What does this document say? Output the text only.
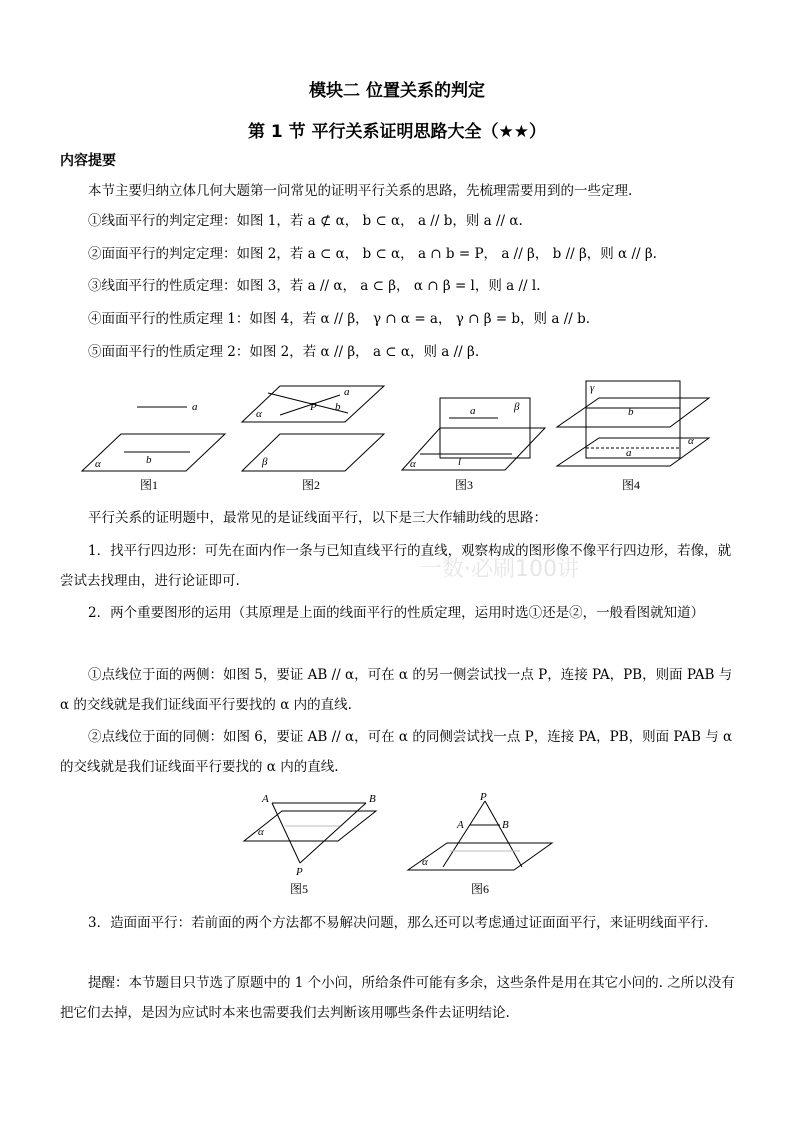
模块二 位置关系的判定
第 1 节 平行关系证明思路大全（★★）
内容提要
本节主要归纳立体几何大题第一问常见的证明平行关系的思路，先梳理需要用到的一些定理.
①线面平行的判定定理：如图 1，若 a ⊄ α， b ⊂ α， a // b，则 a // α.
②面面平行的判定定理：如图 2，若 a ⊂ α， b ⊂ α， a ∩ b = P， a // β， b // β，则 α // β.
③线面平行的性质定理：如图 3，若 a // α， a ⊂ β， α ∩ β = l，则 a // l.
④面面平行的性质定理 1：如图 4，若 α // β， γ ∩ α = a， γ ∩ β = b，则 a // b.
⑤面面平行的性质定理 2：如图 2，若 α // β， a ⊂ α，则 a // β.
a
b
α
a
b
P
α
β
a	β
l
α
γ
b
a
α
图1	图2	图3	图4
平行关系的证明题中，最常见的是证线面平行，以下是三大作辅助线的思路：
一数·必刷100讲
1．找平行四边形：可先在面内作一条与已知直线平行的直线，观察构成的图形像不像平行四边形，若像，就尝试去找理由，进行论证即可.
2．两个重要图形的运用（其原理是上面的线面平行的性质定理，运用时选①还是②，一般看图就知道）
①点线位于面的两侧：如图 5，要证 AB // α，可在 α 的另一侧尝试找一点 P，连接 PA，PB，则面 PAB 与 α 的交线就是我们证线面平行要找的 α 内的直线.
②点线位于面的同侧：如图 6，要证 AB // α，可在 α 的同侧尝试找一点 P，连接 PA，PB，则面 PAB 与 α 的交线就是我们证线面平行要找的 α 内的直线.
A	B
P
α
P
A	B
α
图5	图6
3．造面面平行：若前面的两个方法都不易解决问题，那么还可以考虑通过证面面平行，来证明线面平行.
提醒：本节题目只节选了原题中的 1 个小问，所给条件可能有多余，这些条件是用在其它小问的. 之所以没有把它们去掉，是因为应试时本来也需要我们去判断该用哪些条件去证明结论.
